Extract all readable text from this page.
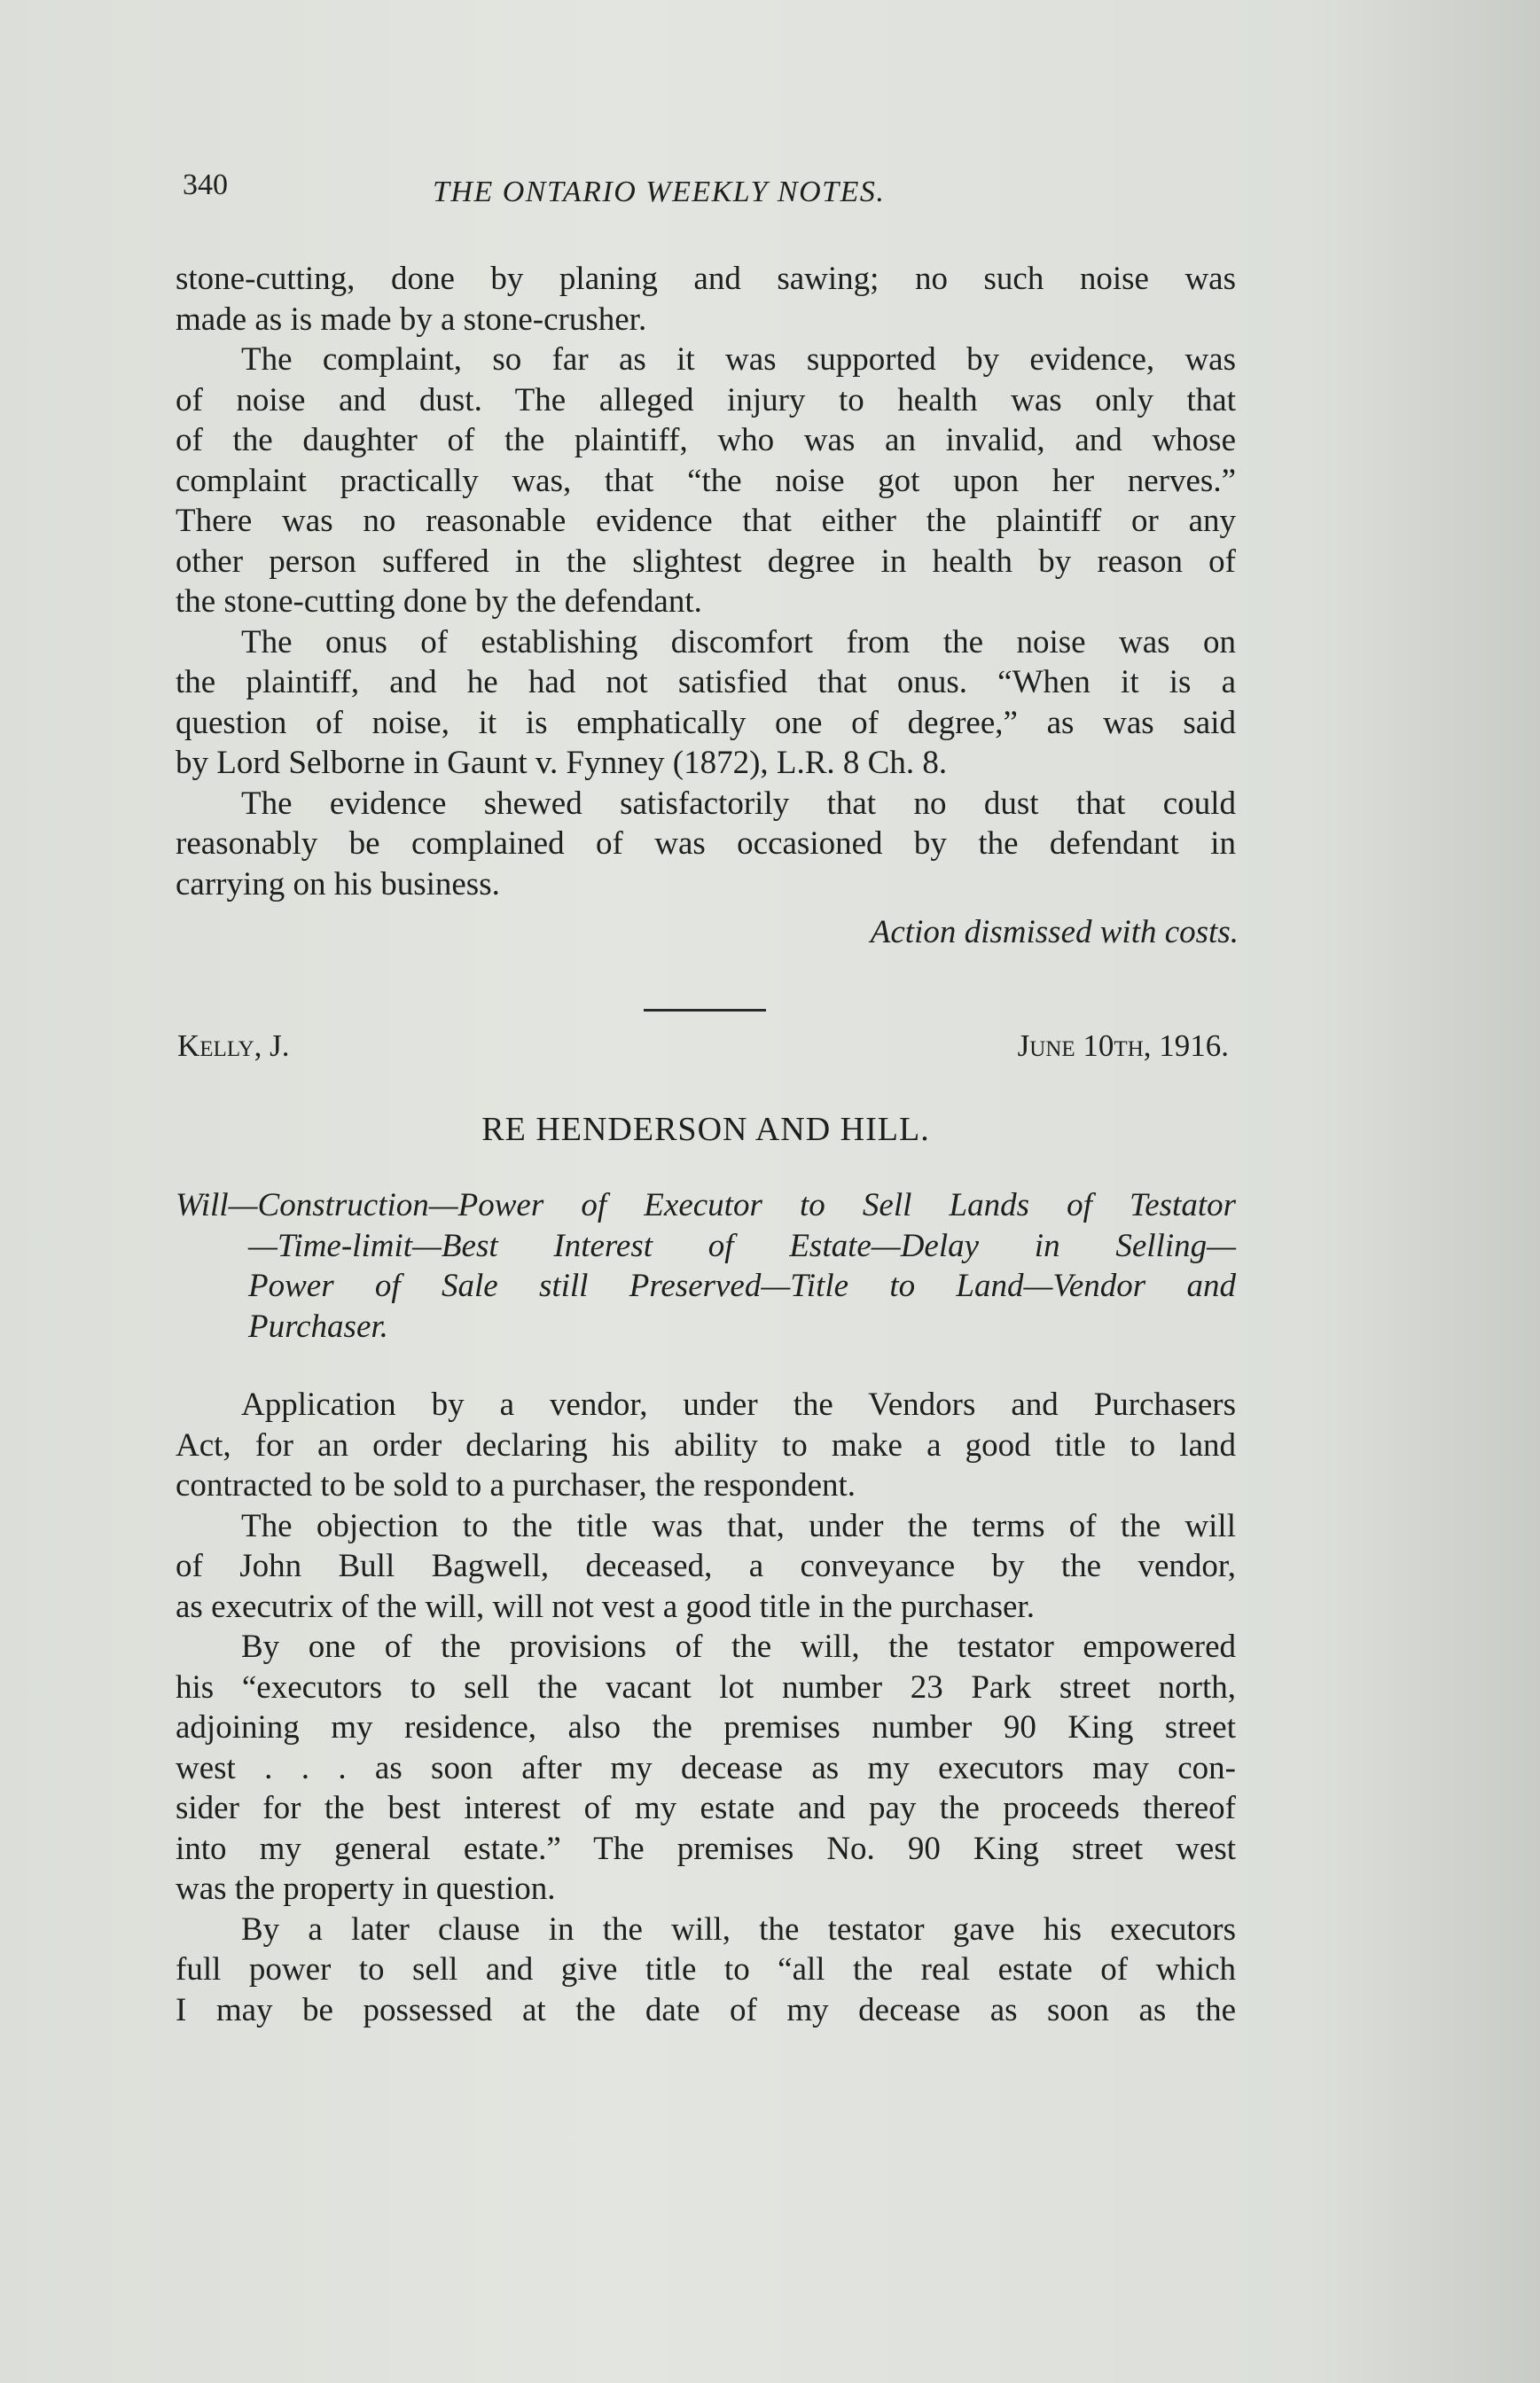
340	THE ONTARIO WEEKLY NOTES.

stone-cutting, done by planing and sawing; no such noise was

made as is made by a stone-crusher.

The complaint, so far as it was supported by evidence, was

of noise and dust. The alleged injury to health was only that

of the daughter of the plaintiff, who was an invalid, and whose

complaint practically was, that “the noise got upon her nerves.”

There was no reasonable evidence that either the plaintiff or any

other person suffered in the slightest degree in health by reason of

the stone-cutting done by the defendant.

The onus of establishing discomfort from the noise was on

the plaintiff, and he had not satisfied that onus. “When it is a

question of noise, it is emphatically one of degree,” as was said

by Lord Selborne in Gaunt v. Fynney (1872), L.R. 8 Ch. 8.

The evidence shewed satisfactorily that no dust that could

reasonably be complained of was occasioned by the defendant in

carrying on his business.

Action dismissed with costs.
Kelly, J.	June 10th, 1916.
RE HENDERSON AND HILL.
Will—Construction—Power of Executor to Sell Lands of Testator
—Time-limit—Best Interest of Estate—Delay in Selling—
Power of Sale still Preserved—Title to Land—Vendor and
Purchaser.

Application by a vendor, under the Vendors and Purchasers

Act, for an order declaring his ability to make a good title to land

contracted to be sold to a purchaser, the respondent.

The objection to the title was that, under the terms of the will

of John Bull Bagwell, deceased, a conveyance by the vendor,

as executrix of the will, will not vest a good title in the purchaser.

By one of the provisions of the will, the testator empowered

his “executors to sell the vacant lot number 23 Park street north,

adjoining my residence, also the premises number 90 King street

west . . . as soon after my decease as my executors may con-

sider for the best interest of my estate and pay the proceeds thereof

into my general estate.” The premises No. 90 King street west

was the property in question.

By a later clause in the will, the testator gave his executors

full power to sell and give title to “all the real estate of which

I may be possessed at the date of my decease as soon as the
